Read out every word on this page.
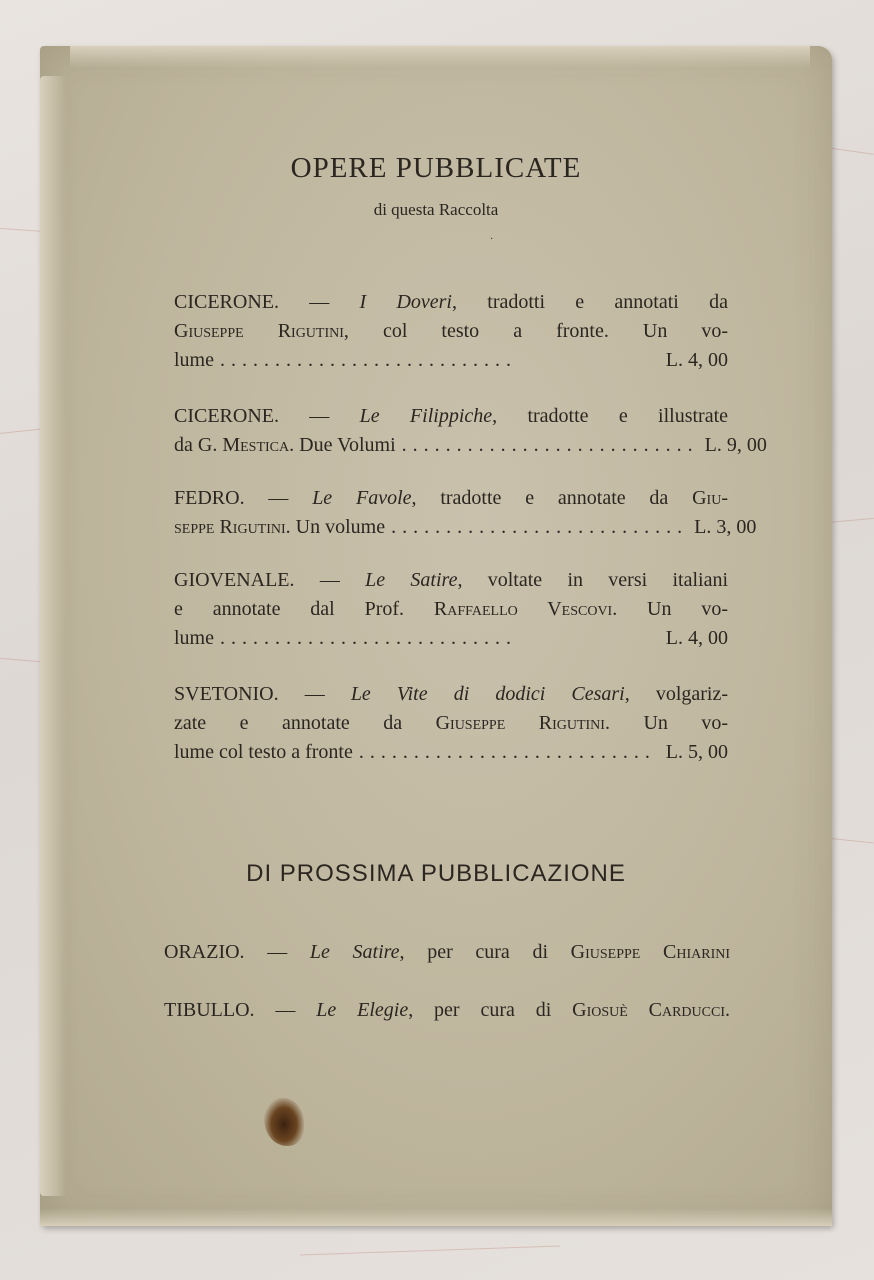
OPERE PUBBLICATE
di questa Raccolta
·
CICERONE. — I Doveri, tradotti e annotati da
Giuseppe Rigutini, col testo a fronte. Un vo-
lume ...........................	L. 4, 00
CICERONE. — Le Filippiche, tradotte e illustrate
da G. Mestica. Due Volumi ........................... L. 9, 00
FEDRO. — Le Favole, tradotte e annotate da Giu-
seppe Rigutini. Un volume ........................... L. 3, 00
GIOVENALE. — Le Satire, voltate in versi italiani
e annotate dal Prof. Raffaello Vescovi. Un vo-
lume ...........................	L. 4, 00
SVETONIO. — Le Vite di dodici Cesari, volgariz-
zate e annotate da Giuseppe Rigutini. Un vo-
lume col testo a fronte ........................... L. 5, 00
DI PROSSIMA PUBBLICAZIONE
ORAZIO. — Le Satire, per cura di Giuseppe Chiarini
TIBULLO. — Le Elegie, per cura di Giosuè Carducci.
